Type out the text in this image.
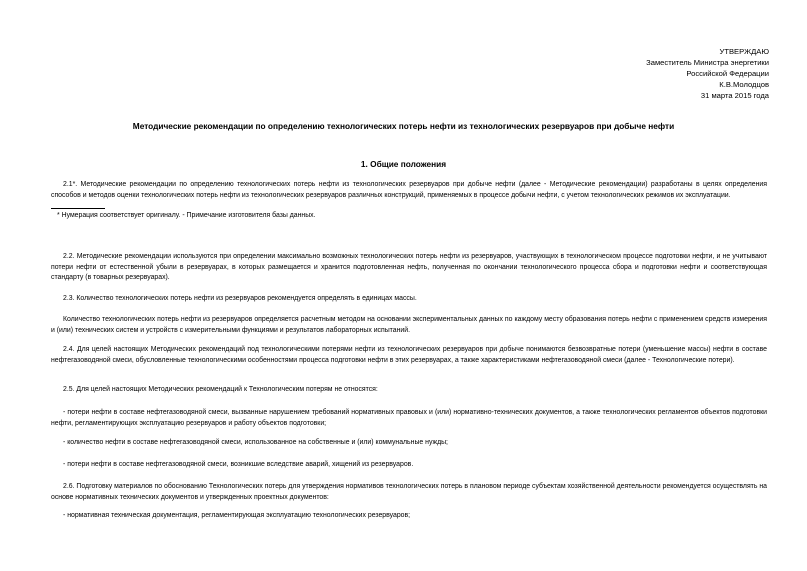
УТВЕРЖДАЮ
Заместитель Министра энергетики
Российской Федерации
К.В.Молодцов
31 марта 2015 года
Методические рекомендации по определению технологических потерь нефти из технологических резервуаров при добыче нефти
1. Общие положения

2.1*. Методические рекомендации по определению технологических потерь нефти из технологических резервуаров при добыче нефти (далее - Методические рекомендации) разработаны в целях определения способов и методов оценки технологических потерь нефти из технологических резервуаров различных конструкций, применяемых в процессе добычи нефти, с учетом технологических режимов их эксплуатации.

* Нумерация соответствует оригиналу. - Примечание изготовителя базы данных.

2.2. Методические рекомендации используются при определении максимально возможных технологических потерь нефти из резервуаров, участвующих в технологическом процессе подготовки нефти, и не учитывают потери нефти от естественной убыли в резервуарах, в которых размещается и хранится подготовленная нефть, полученная по окончании технологического процесса сбора и подготовки нефти и соответствующая стандарту (в товарных резервуарах).

2.3. Количество технологических потерь нефти из резервуаров рекомендуется определять в единицах массы.

Количество технологических потерь нефти из резервуаров определяется расчетным методом на основании экспериментальных данных по каждому месту образования потерь нефти с применением средств измерения и (или) технических систем и устройств с измерительными функциями и результатов лабораторных испытаний.

2.4. Для целей настоящих Методических рекомендаций под технологическими потерями нефти из технологических резервуаров при добыче понимаются безвозвратные потери (уменьшение массы) нефти в составе нефтегазоводяной смеси, обусловленные технологическими особенностями процесса подготовки нефти в этих резервуарах, а также характеристиками нефтегазоводяной смеси (далее - Технологические потери).

2.5. Для целей настоящих Методических рекомендаций к Технологическим потерям не относятся:

- потери нефти в составе нефтегазоводяной смеси, вызванные нарушением требований нормативных правовых и (или) нормативно-технических документов, а также технологических регламентов объектов подготовки нефти, регламентирующих эксплуатацию резервуаров и работу объектов подготовки;

- количество нефти в составе нефтегазоводяной смеси, использованное на собственные и (или) коммунальные нужды;

- потери нефти в составе нефтегазоводяной смеси, возникшие вследствие аварий, хищений из резервуаров.

2.6. Подготовку материалов по обоснованию Технологических потерь для утверждения нормативов технологических потерь в плановом периоде субъектам хозяйственной деятельности рекомендуется осуществлять на основе нормативных технических документов и утвержденных проектных документов:

- нормативная техническая документация, регламентирующая эксплуатацию технологических резервуаров;
